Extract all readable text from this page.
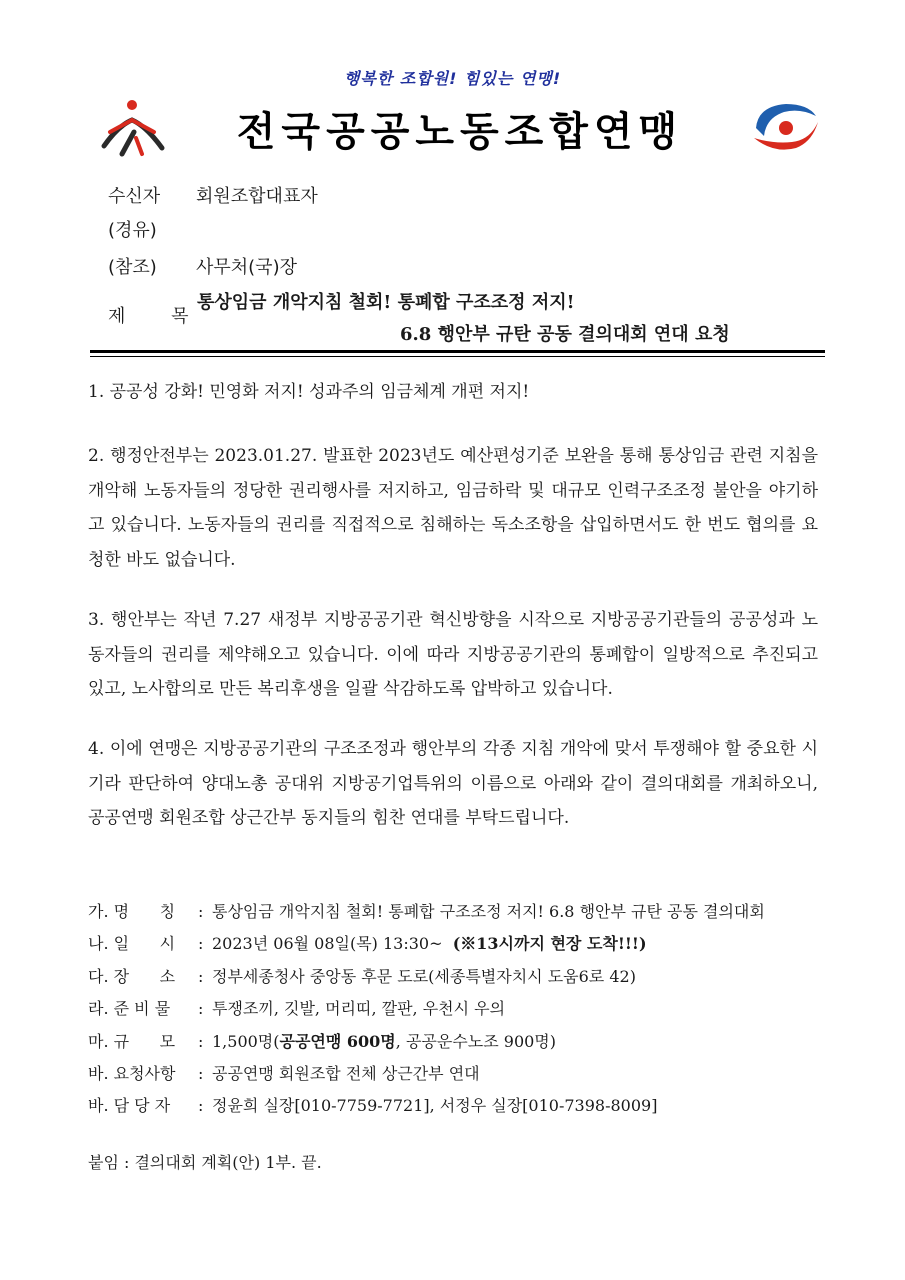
행복한 조합원! 힘있는 연맹!
전국공공노동조합연맹
수신자 회원조합대표자
(경유)
(참조) 사무처(국)장
제 목
통상임금 개악지침 철회! 통폐합 구조조정 저지!
6.8 행안부 규탄 공동 결의대회 연대 요청
1. 공공성 강화! 민영화 저지! 성과주의 임금체계 개편 저지!
2. 행정안전부는 2023.01.27. 발표한 2023년도 예산편성기준 보완을 통해 통상임금 관련 지침을 개악해 노동자들의 정당한 권리행사를 저지하고, 임금하락 및 대규모 인력구조조정 불안을 야기하고 있습니다. 노동자들의 권리를 직접적으로 침해하는 독소조항을 삽입하면서도 한 번도 협의를 요청한 바도 없습니다.
3. 행안부는 작년 7.27 새정부 지방공공기관 혁신방향을 시작으로 지방공공기관들의 공공성과 노동자들의 권리를 제약해오고 있습니다. 이에 따라 지방공공기관의 통폐합이 일방적으로 추진되고 있고, 노사합의로 만든 복리후생을 일괄 삭감하도록 압박하고 있습니다.
4. 이에 연맹은 지방공공기관의 구조조정과 행안부의 각종 지침 개악에 맞서 투쟁해야 할 중요한 시기라 판단하여 양대노총 공대위 지방공기업특위의 이름으로 아래와 같이 결의대회를 개최하오니, 공공연맹 회원조합 상근간부 동지들의 힘찬 연대를 부탁드립니다.
가. 명      칭 : 통상임금 개악지침 철회! 통폐합 구조조정 저지! 6.8 행안부 규탄 공동 결의대회
나. 일      시 : 2023년 06월 08일(목) 13:30~ (※13시까지 현장 도착!!!)
다. 장      소 : 정부세종청사 중앙동 후문 도로(세종특별자치시 도움6로 42)
라. 준 비 물 : 투쟁조끼, 깃발, 머리띠, 깔판, 우천시 우의
마. 규      모 : 1,500명(공공연맹 600명, 공공운수노조 900명)
바. 요청사항 : 공공연맹 회원조합 전체 상근간부 연대
바. 담 당 자 : 정윤희 실장[010-7759-7721], 서정우 실장[010-7398-8009]
붙임 : 결의대회 계획(안) 1부. 끝.
